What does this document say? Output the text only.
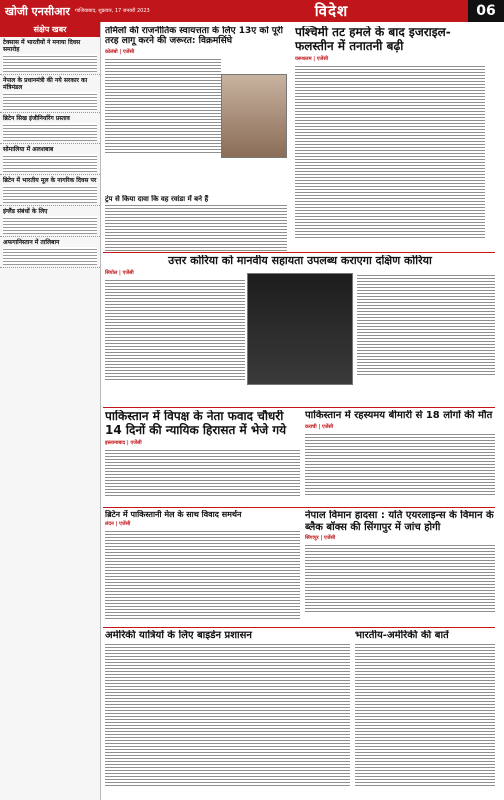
खोजी एनसीआर	गाजियाबाद, शुक्रवार, 17 जनवरी 2023	विदेश	06
संक्षेप खबर
टेक्सास में भारतीयों ने मनाया दिवस समारोह
नेपाल के प्रधानमंत्री की नये सरकार का मंत्रिमंडल
ब्रिटेन सिख इंजीनियरिंग प्रस्ताव
सोमालिया में अलशबाब
ब्रिटेन में भारतीय मूल के नागरिक दिवस पर
इंग्लैंड संबंधों के लिए
अफगानिस्तान में तालिबान
तमिलों की राजनीतिक स्वायत्तता के लिए 13ए को पूरी तरह लागू करने की जरूरत: विक्रमसिंघे
कोलंबो | एजेंसी
पश्चिमी तट हमले के बाद इजराइल-फलस्तीन में तनातनी बढ़ी
यरूशलम | एजेंसी
ट्रंप से किया दावा कि वह रवांडा में बने हैं
उत्तर कोरिया को मानवीय सहायता उपलब्ध कराएगा दक्षिण कोरिया
सियोल | एजेंसी
पाकिस्तान में विपक्ष के नेता फवाद चौधरी 14 दिनों की न्यायिक हिरासत में भेजे गये
इस्लामाबाद | एजेंसी
पाकिस्तान में रहस्यमय बीमारी से 18 लोगों की मौत
कराची | एजेंसी
ब्रिटेन में पाकिस्तानी मेल के साथ विवाद समर्थन
लंदन | एजेंसी
नेपाल विमान हादसा : यति एयरलाइन्स के विमान के ब्लैक बॉक्स की सिंगापुर में जांच होगी
सिंगापुर | एजेंसी
अमेरिकी यात्रियों के लिए बाइडेन प्रशासन	भारतीय-अमेरिकी की बातें
